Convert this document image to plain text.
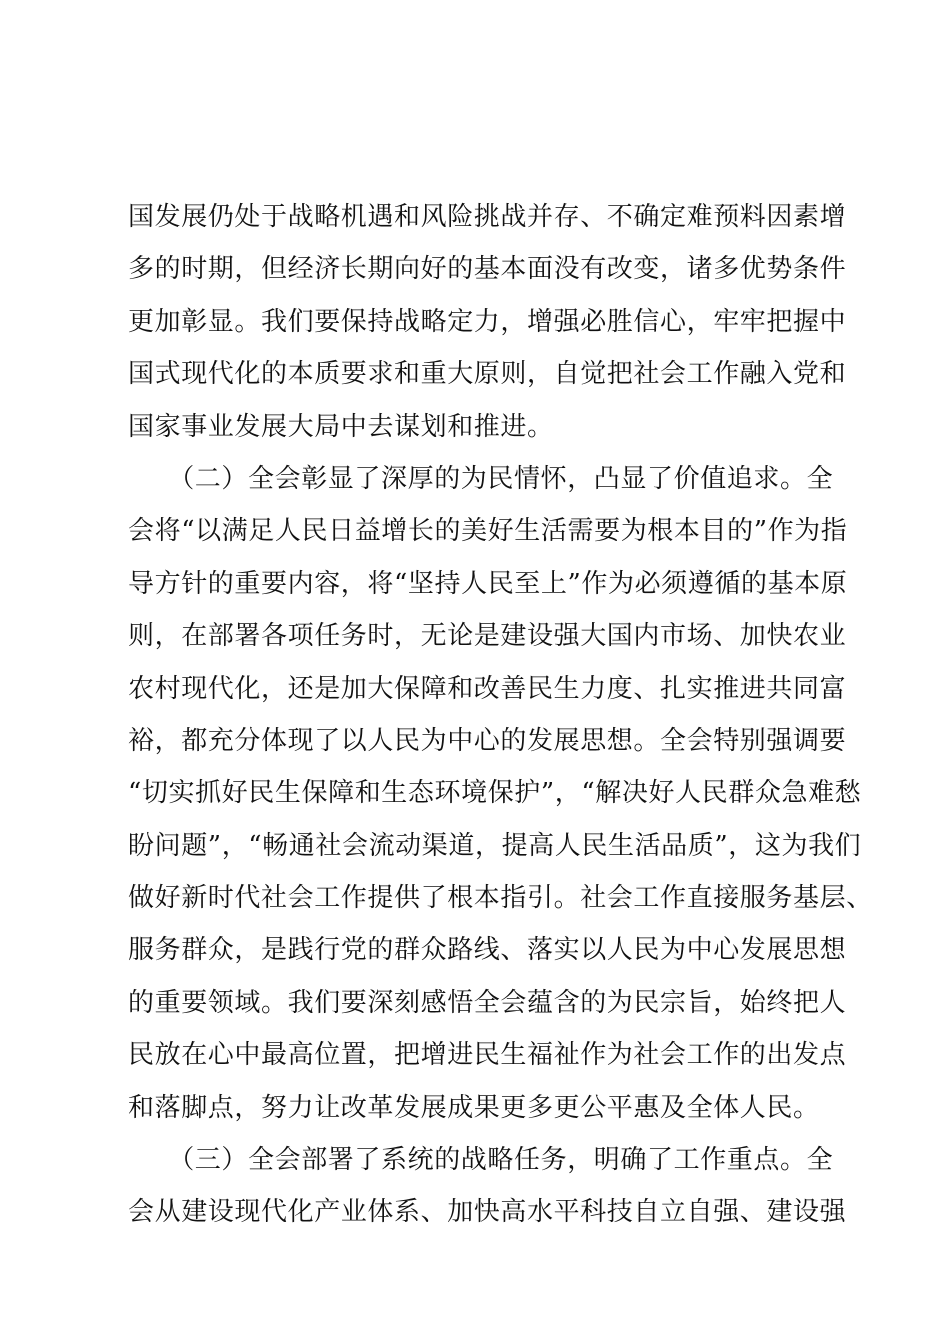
国发展仍处于战略机遇和风险挑战并存、不确定难预料因素增
多的时期，但经济长期向好的基本面没有改变，诸多优势条件
更加彰显。我们要保持战略定力，增强必胜信心，牢牢把握中
国式现代化的本质要求和重大原则，自觉把社会工作融入党和
国家事业发展大局中去谋划和推进。
　　（二）全会彰显了深厚的为民情怀，凸显了价值追求。全
会将“以满足人民日益增长的美好生活需要为根本目的”作为指
导方针的重要内容，将“坚持人民至上”作为必须遵循的基本原
则，在部署各项任务时，无论是建设强大国内市场、加快农业
农村现代化，还是加大保障和改善民生力度、扎实推进共同富
裕，都充分体现了以人民为中心的发展思想。全会特别强调要
“切实抓好民生保障和生态环境保护”，“解决好人民群众急难愁
盼问题”，“畅通社会流动渠道，提高人民生活品质”，这为我们
做好新时代社会工作提供了根本指引。社会工作直接服务基层、
服务群众，是践行党的群众路线、落实以人民为中心发展思想
的重要领域。我们要深刻感悟全会蕴含的为民宗旨，始终把人
民放在心中最高位置，把增进民生福祉作为社会工作的出发点
和落脚点，努力让改革发展成果更多更公平惠及全体人民。
　　（三）全会部署了系统的战略任务，明确了工作重点。全
会从建设现代化产业体系、加快高水平科技自立自强、建设强
